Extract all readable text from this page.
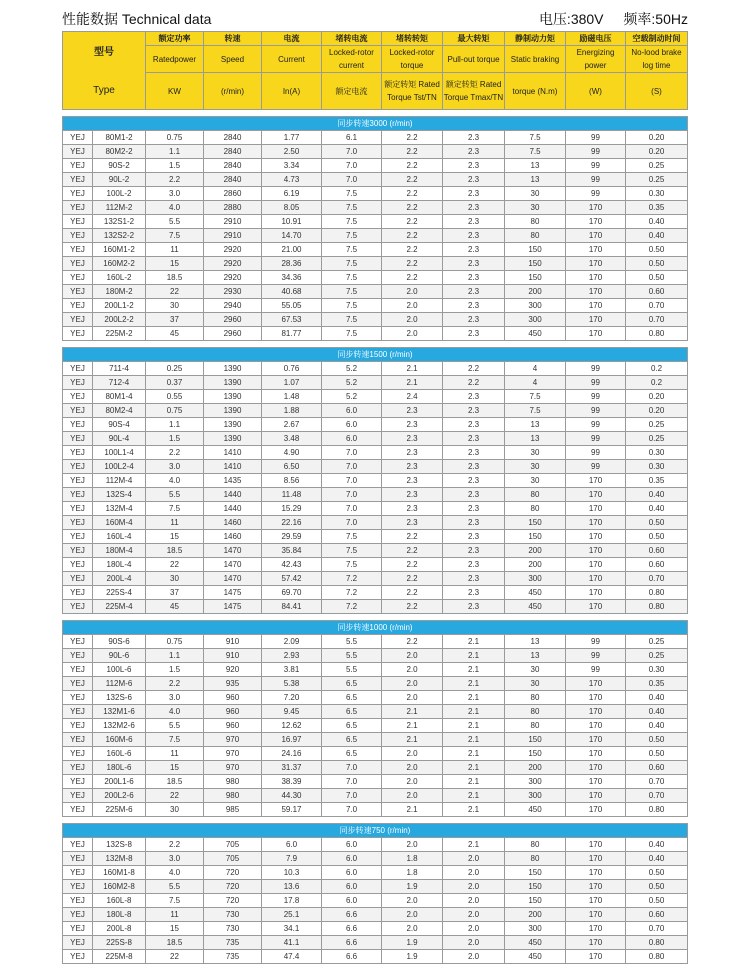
性能数据 Technical data	电压:380V 频率:50Hz
型号		额定功率	转速	电流	堵转电流	堵转转矩	最大转矩	静制动力矩	励磁电压	空载制动时间
		Ratedpower	Speed	Current	Locked-rotor current	Locked-rotor torque	Pull-out torque	Static braking	Energizing power	No-lood brake log time
Type		KW	(r/min)	In(A)	额定电流	额定转矩 Rated Torque Tst/TN	额定转矩 Rated Torque Tmax/TN	torque (N.m)	(W)	(S)

同步转速3000 (r/min)										
YEJ	80M1-2	0.75	2840	1.77	6.1	2.2	2.3	7.5	99	0.20
YEJ	80M2-2	1.1	2840	2.50	7.0	2.2	2.3	7.5	99	0.20
YEJ	90S-2	1.5	2840	3.34	7.0	2.2	2.3	13	99	0.25
YEJ	90L-2	2.2	2840	4.73	7.0	2.2	2.3	13	99	0.25
YEJ	100L-2	3.0	2860	6.19	7.5	2.2	2.3	30	99	0.30
YEJ	112M-2	4.0	2880	8.05	7.5	2.2	2.3	30	170	0.35
YEJ	132S1-2	5.5	2910	10.91	7.5	2.2	2.3	80	170	0.40
YEJ	132S2-2	7.5	2910	14.70	7.5	2.2	2.3	80	170	0.40
YEJ	160M1-2	11	2920	21.00	7.5	2.2	2.3	150	170	0.50
YEJ	160M2-2	15	2920	28.36	7.5	2.2	2.3	150	170	0.50
YEJ	160L-2	18.5	2920	34.36	7.5	2.2	2.3	150	170	0.50
YEJ	180M-2	22	2930	40.68	7.5	2.0	2.3	200	170	0.60
YEJ	200L1-2	30	2940	55.05	7.5	2.0	2.3	300	170	0.70
YEJ	200L2-2	37	2960	67.53	7.5	2.0	2.3	300	170	0.70
YEJ	225M-2	45	2960	81.77	7.5	2.0	2.3	450	170	0.80

同步转速1500 (r/min)										
YEJ	711-4	0.25	1390	0.76	5.2	2.1	2.2	4	99	0.2
YEJ	712-4	0.37	1390	1.07	5.2	2.1	2.2	4	99	0.2
YEJ	80M1-4	0.55	1390	1.48	5.2	2.4	2.3	7.5	99	0.20
YEJ	80M2-4	0.75	1390	1.88	6.0	2.3	2.3	7.5	99	0.20
YEJ	90S-4	1.1	1390	2.67	6.0	2.3	2.3	13	99	0.25
YEJ	90L-4	1.5	1390	3.48	6.0	2.3	2.3	13	99	0.25
YEJ	100L1-4	2.2	1410	4.90	7.0	2.3	2.3	30	99	0.30
YEJ	100L2-4	3.0	1410	6.50	7.0	2.3	2.3	30	99	0.30
YEJ	112M-4	4.0	1435	8.56	7.0	2.3	2.3	30	170	0.35
YEJ	132S-4	5.5	1440	11.48	7.0	2.3	2.3	80	170	0.40
YEJ	132M-4	7.5	1440	15.29	7.0	2.3	2.3	80	170	0.40
YEJ	160M-4	11	1460	22.16	7.0	2.3	2.3	150	170	0.50
YEJ	160L-4	15	1460	29.59	7.5	2.2	2.3	150	170	0.50
YEJ	180M-4	18.5	1470	35.84	7.5	2.2	2.3	200	170	0.60
YEJ	180L-4	22	1470	42.43	7.5	2.2	2.3	200	170	0.60
YEJ	200L-4	30	1470	57.42	7.2	2.2	2.3	300	170	0.70
YEJ	225S-4	37	1475	69.70	7.2	2.2	2.3	450	170	0.80
YEJ	225M-4	45	1475	84.41	7.2	2.2	2.3	450	170	0.80

同步转速1000 (r/min)										
YEJ	90S-6	0.75	910	2.09	5.5	2.2	2.1	13	99	0.25
YEJ	90L-6	1.1	910	2.93	5.5	2.0	2.1	13	99	0.25
YEJ	100L-6	1.5	920	3.81	5.5	2.0	2.1	30	99	0.30
YEJ	112M-6	2.2	935	5.38	6.5	2.0	2.1	30	170	0.35
YEJ	132S-6	3.0	960	7.20	6.5	2.0	2.1	80	170	0.40
YEJ	132M1-6	4.0	960	9.45	6.5	2.1	2.1	80	170	0.40
YEJ	132M2-6	5.5	960	12.62	6.5	2.1	2.1	80	170	0.40
YEJ	160M-6	7.5	970	16.97	6.5	2.1	2.1	150	170	0.50
YEJ	160L-6	11	970	24.16	6.5	2.0	2.1	150	170	0.50
YEJ	180L-6	15	970	31.37	7.0	2.0	2.1	200	170	0.60
YEJ	200L1-6	18.5	980	38.39	7.0	2.0	2.1	300	170	0.70
YEJ	200L2-6	22	980	44.30	7.0	2.0	2.1	300	170	0.70
YEJ	225M-6	30	985	59.17	7.0	2.1	2.1	450	170	0.80

同步转速750 (r/min)										
YEJ	132S-8	2.2	705	6.0	6.0	2.0	2.1	80	170	0.40
YEJ	132M-8	3.0	705	7.9	6.0	1.8	2.0	80	170	0.40
YEJ	160M1-8	4.0	720	10.3	6.0	1.8	2.0	150	170	0.50
YEJ	160M2-8	5.5	720	13.6	6.0	1.9	2.0	150	170	0.50
YEJ	160L-8	7.5	720	17.8	6.0	2.0	2.0	150	170	0.50
YEJ	180L-8	11	730	25.1	6.6	2.0	2.0	200	170	0.60
YEJ	200L-8	15	730	34.1	6.6	2.0	2.0	300	170	0.70
YEJ	225S-8	18.5	735	41.1	6.6	1.9	2.0	450	170	0.80
YEJ	225M-8	22	735	47.4	6.6	1.9	2.0	450	170	0.80
